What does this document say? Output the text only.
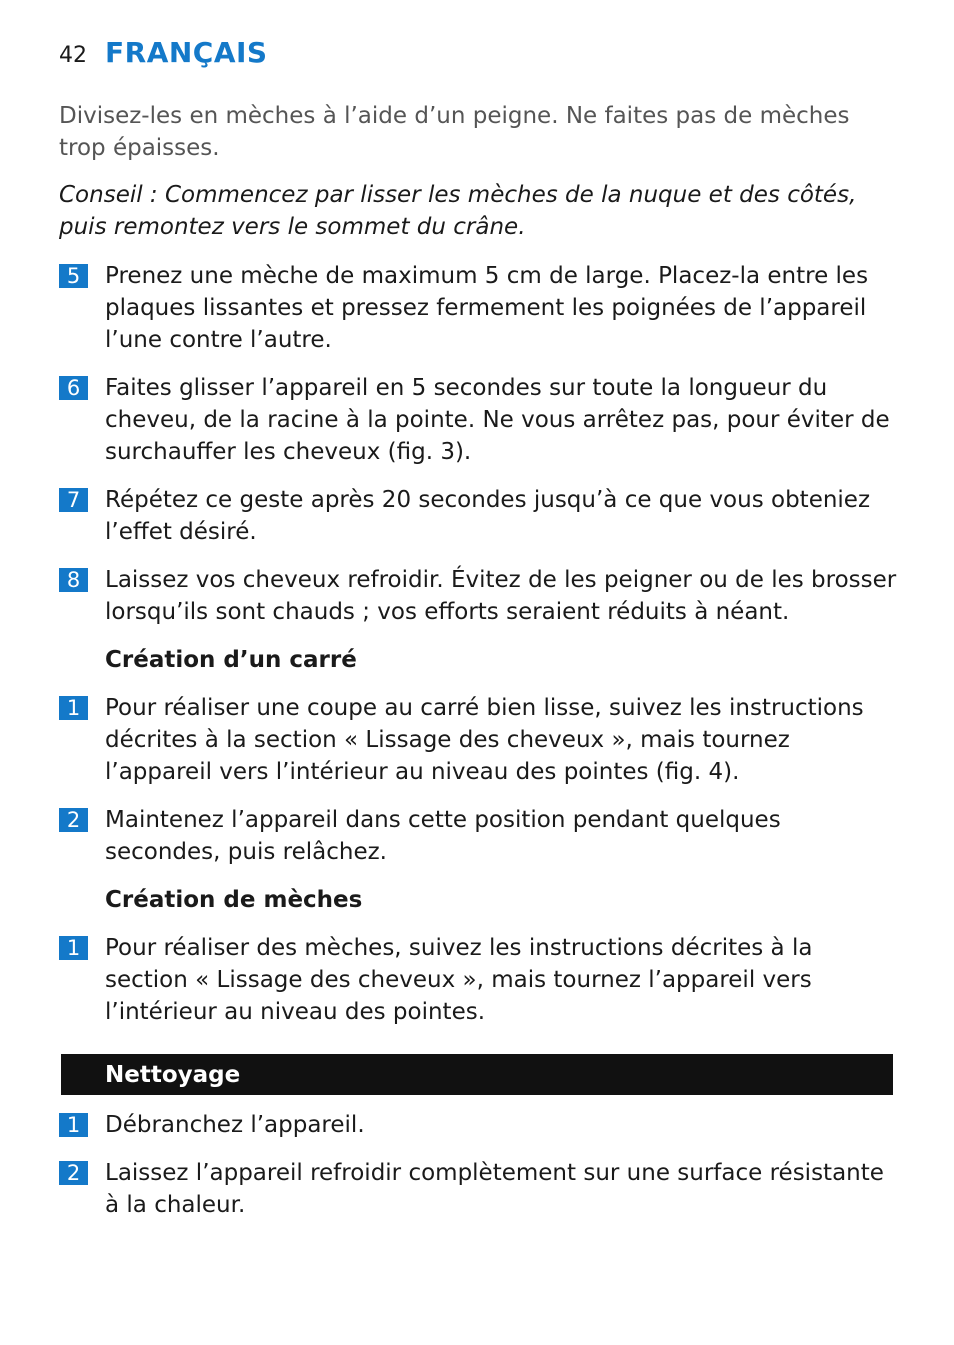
42 FRANÇAIS

Divisez-les en mèches à l’aide d’un peigne. Ne faites pas de mèches trop épaisses.

Conseil : Commencez par lisser les mèches de la nuque et des côtés, puis remontez vers le sommet du crâne.

5	Prenez une mèche de maximum 5 cm de large. Placez-la entre les plaques lissantes et pressez fermement les poignées de l’appareil l’une contre l’autre.
6	Faites glisser l’appareil en 5 secondes sur toute la longueur du cheveu, de la racine à la pointe. Ne vous arrêtez pas, pour éviter de surchauffer les cheveux (fig. 3).
7	Répétez ce geste après 20 secondes jusqu’à ce que vous obteniez l’effet désiré.
8	Laissez vos cheveux refroidir. Évitez de les peigner ou de les brosser lorsqu’ils sont chauds ; vos efforts seraient réduits à néant.
Création d’un carré
1	Pour réaliser une coupe au carré bien lisse, suivez les instructions décrites à la section « Lissage des cheveux », mais tournez l’appareil vers l’intérieur au niveau des pointes (fig. 4).
2	Maintenez l’appareil dans cette position pendant quelques secondes, puis relâchez.
Création de mèches
1	Pour réaliser des mèches, suivez les instructions décrites à la section « Lissage des cheveux », mais tournez l’appareil vers l’intérieur au niveau des pointes.
Nettoyage
1	Débranchez l’appareil.
2	Laissez l’appareil refroidir complètement sur une surface résistante à la chaleur.
